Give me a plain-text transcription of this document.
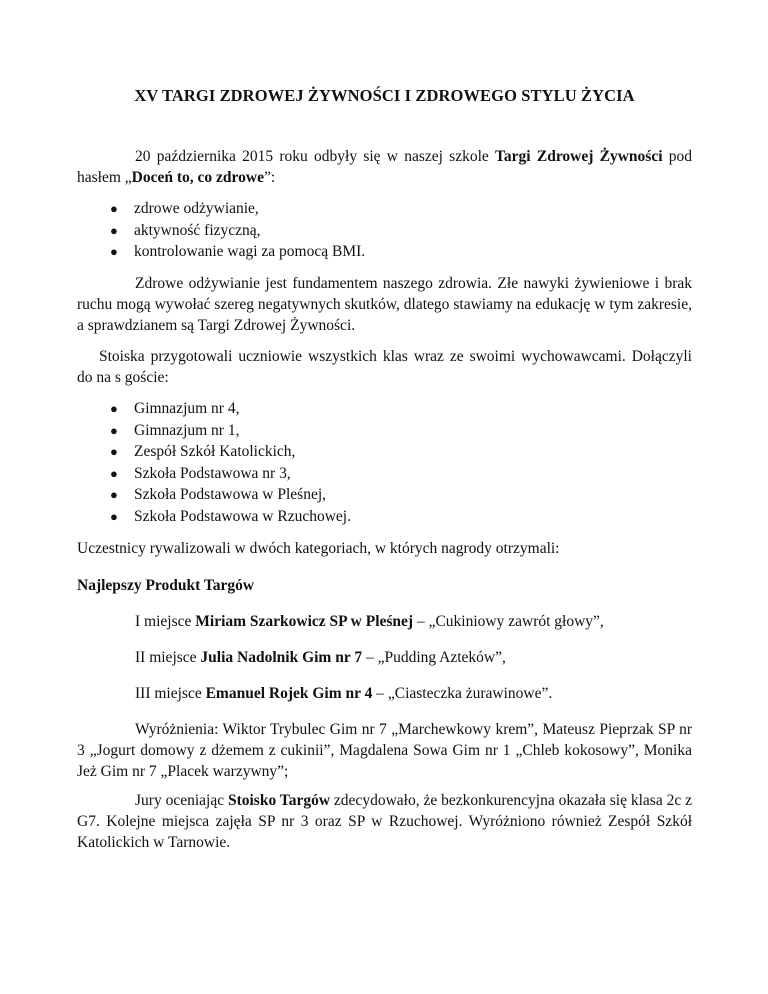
XV TARGI ZDROWEJ ŻYWNOŚCI I ZDROWEGO STYLU ŻYCIA

20 października 2015 roku odbyły się w naszej szkole Targi Zdrowej Żywności pod hasłem „Doceń to, co zdrowe”:

● zdrowe odżywianie,
● aktywność fizyczną,
● kontrolowanie wagi za pomocą BMI.

Zdrowe odżywianie jest fundamentem naszego zdrowia. Złe nawyki żywieniowe i brak ruchu mogą wywołać szereg negatywnych skutków, dlatego stawiamy na edukację w tym zakresie, a sprawdzianem są Targi Zdrowej Żywności.

Stoiska przygotowali uczniowie wszystkich klas wraz ze swoimi wychowawcami. Dołączyli do na s goście:

● Gimnazjum nr 4,
● Gimnazjum nr 1,
● Zespół Szkół Katolickich,
● Szkoła Podstawowa nr 3,
● Szkoła Podstawowa w Pleśnej,
● Szkoła Podstawowa w Rzuchowej.

Uczestnicy rywalizowali w dwóch kategoriach, w których nagrody otrzymali:

Najlepszy Produkt Targów

I miejsce Miriam Szarkowicz SP w Pleśnej – „Cukiniowy zawrót głowy”,

II miejsce Julia Nadolnik Gim nr 7 – „Pudding Azteków”,

III miejsce Emanuel Rojek Gim nr 4 – „Ciasteczka żurawinowe”.

Wyróżnienia: Wiktor Trybulec Gim nr 7 „Marchewkowy krem”, Mateusz Pieprzak SP nr 3 „Jogurt domowy z dżemem z cukinii”, Magdalena Sowa Gim nr 1 „Chleb kokosowy”, Monika Jeż Gim nr 7 „Placek warzywny”;

Jury oceniając Stoisko Targów zdecydowało, że bezkonkurencyjna okazała się klasa 2c z G7. Kolejne miejsca zajęła SP nr 3 oraz SP w Rzuchowej. Wyróżniono również Zespół Szkół Katolickich w Tarnowie.
